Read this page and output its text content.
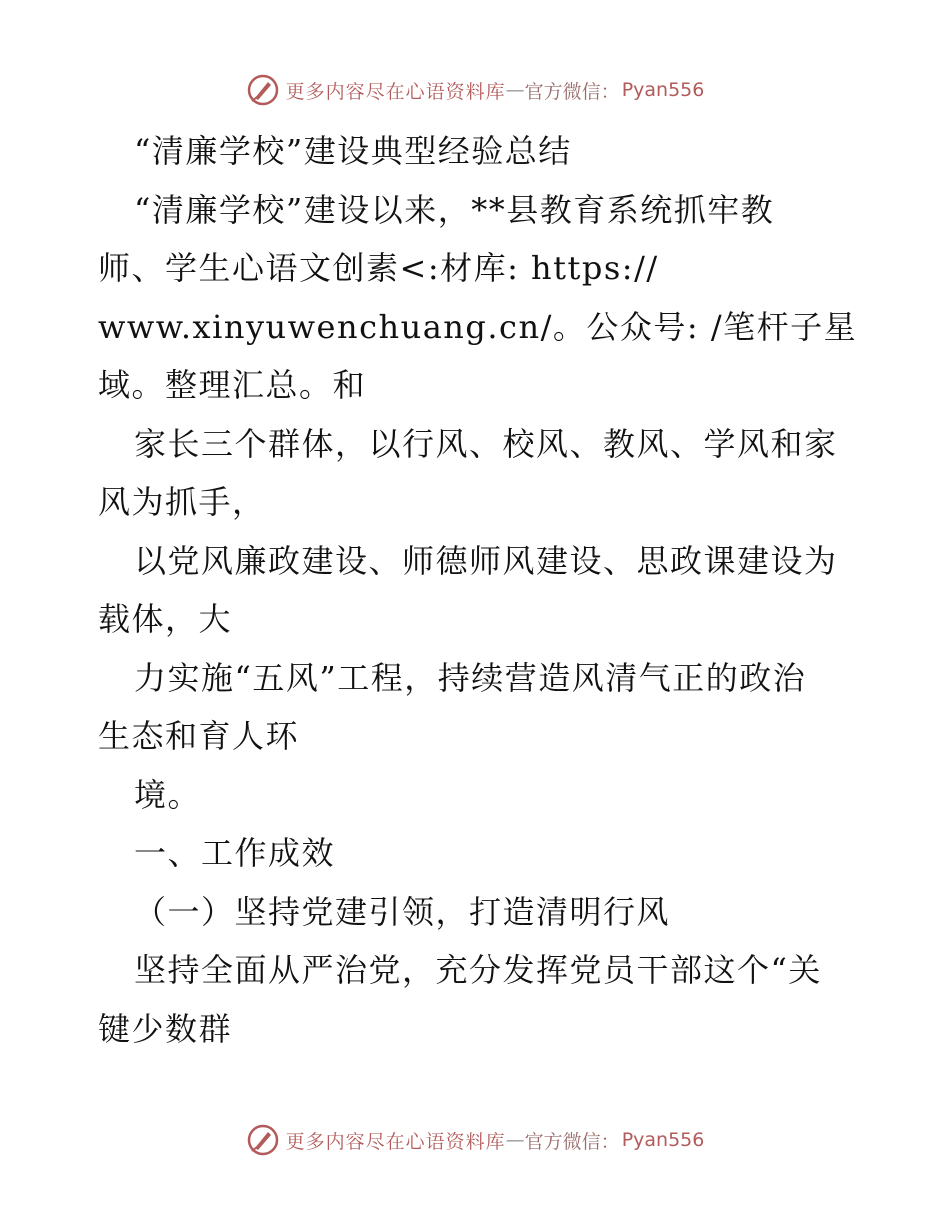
更多内容尽在心语资料库 — 官方微信： Pyan556
“清廉学校”建设典型经验总结
“清廉学校”建设以来，**县教育系统抓牢教
师、学生心语文创素<:材库: https://
www.xinyuwenchuang.cn/。公众号: /笔杆子星
域。整理汇总。和
家长三个群体，以行风、校风、教风、学风和家
风为抓手，
以党风廉政建设、师德师风建设、思政课建设为
载体，大
力实施“五风”工程，持续营造风清气正的政治
生态和育人环
境。
一、工作成效
（一）坚持党建引领，打造清明行风
坚持全面从严治党，充分发挥党员干部这个“关
键少数群
更多内容尽在心语资料库 — 官方微信： Pyan556
